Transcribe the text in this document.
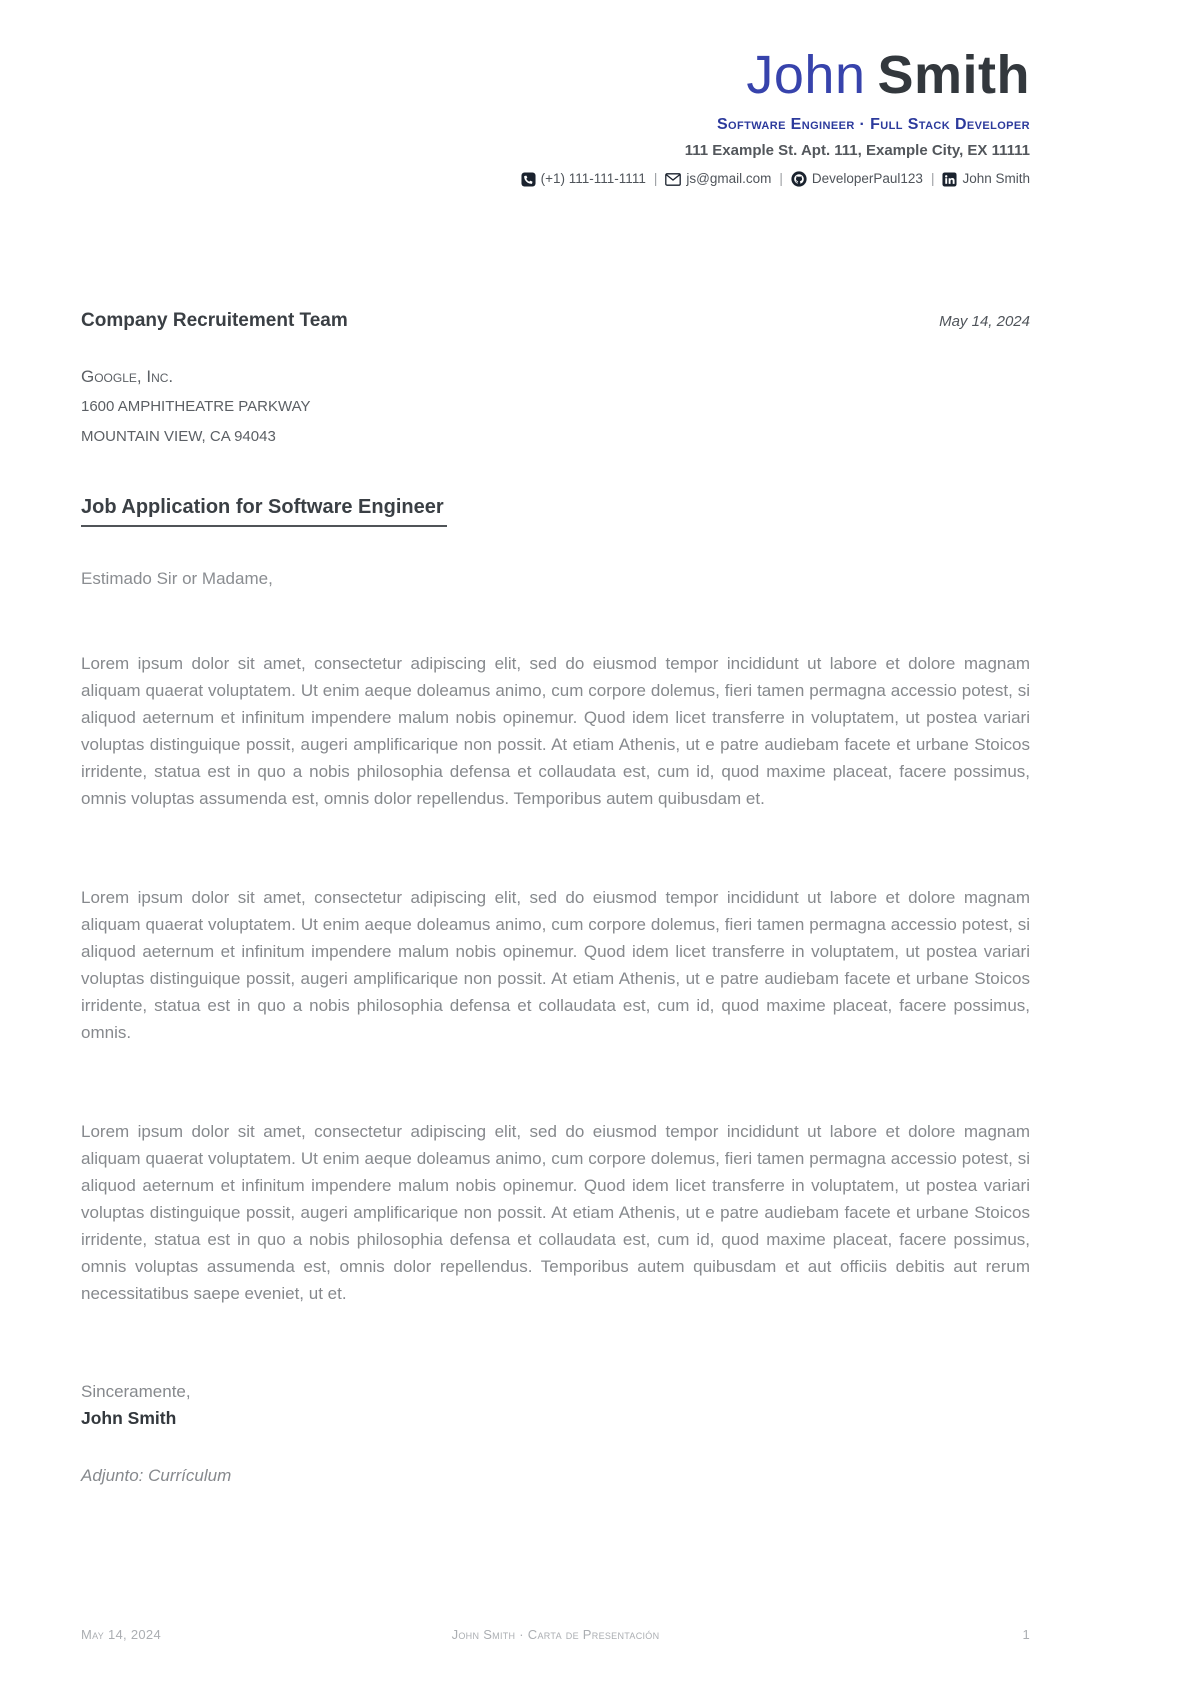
John Smith
Software Engineer · Full Stack Developer
111 Example St. Apt. 111, Example City, EX 11111
(+1) 111-111-1111 |	js@gmail.com |	DeveloperPaul123 |	John Smith
Company Recruitement Team	May 14, 2024
Google, Inc.
1600 AMPHITHEATRE PARKWAY
MOUNTAIN VIEW, CA 94043
Job Application for Software Engineer
Estimado Sir or Madame,

Lorem ipsum dolor sit amet, consectetur adipiscing elit, sed do eiusmod tempor incididunt ut labore et dolore magnam aliquam quaerat voluptatem. Ut enim aeque doleamus animo, cum corpore dolemus, fieri tamen permagna accessio potest, si aliquod aeternum et infinitum impendere malum nobis opinemur. Quod idem licet transferre in voluptatem, ut postea variari voluptas distinguique possit, augeri amplificarique non possit. At etiam Athenis, ut e patre audiebam facete et urbane Stoicos irridente, statua est in quo a nobis philosophia defensa et collaudata est, cum id, quod maxime placeat, facere possimus, omnis voluptas assumenda est, omnis dolor repellendus. Temporibus autem quibusdam et.

Lorem ipsum dolor sit amet, consectetur adipiscing elit, sed do eiusmod tempor incididunt ut labore et dolore magnam aliquam quaerat voluptatem. Ut enim aeque doleamus animo, cum corpore dolemus, fieri tamen permagna accessio potest, si aliquod aeternum et infinitum impendere malum nobis opinemur. Quod idem licet transferre in voluptatem, ut postea variari voluptas distinguique possit, augeri amplificarique non possit. At etiam Athenis, ut e patre audiebam facete et urbane Stoicos irridente, statua est in quo a nobis philosophia defensa et collaudata est, cum id, quod maxime placeat, facere possimus, omnis.

Lorem ipsum dolor sit amet, consectetur adipiscing elit, sed do eiusmod tempor incididunt ut labore et dolore magnam aliquam quaerat voluptatem. Ut enim aeque doleamus animo, cum corpore dolemus, fieri tamen permagna accessio potest, si aliquod aeternum et infinitum impendere malum nobis opinemur. Quod idem licet transferre in voluptatem, ut postea variari voluptas distinguique possit, augeri amplificarique non possit. At etiam Athenis, ut e patre audiebam facete et urbane Stoicos irridente, statua est in quo a nobis philosophia defensa et collaudata est, cum id, quod maxime placeat, facere possimus, omnis voluptas assumenda est, omnis dolor repellendus. Temporibus autem quibusdam et aut officiis debitis aut rerum necessitatibus saepe eveniet, ut et.

Sinceramente,
John Smith
Adjunto: Currículum
May 14, 2024	John Smith · Carta de Presentación	1
